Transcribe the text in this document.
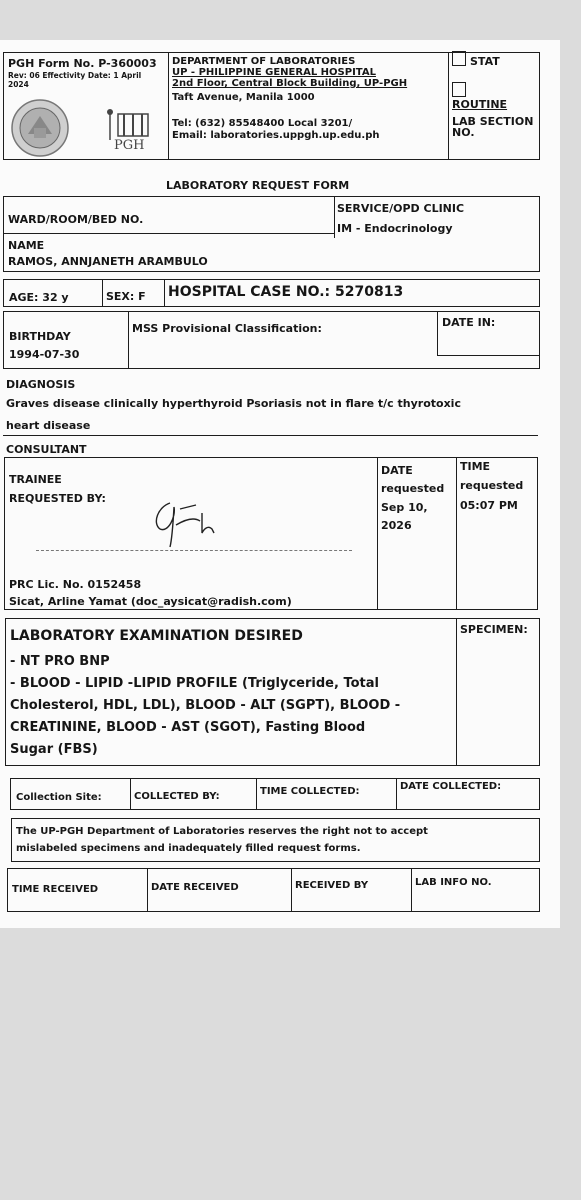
PGH Form No. P-360003
Rev: 06 Effectivity Date: 1 April
2024
PGH
DEPARTMENT OF LABORATORIES
UP - PHILIPPINE GENERAL HOSPITAL
2nd Floor, Central Block Building, UP-PGH
Taft Avenue, Manila 1000
Tel: (632) 85548400 Local 3201/
Email: laboratories.uppgh.up.edu.ph
STAT
ROUTINE
LAB SECTION NO.
LABORATORY REQUEST FORM
WARD/ROOM/BED NO.
SERVICE/OPD CLINIC
IM - Endocrinology
NAME
RAMOS, ANNJANETH ARAMBULO
AGE: 32 y	SEX: F HOSPITAL CASE NO.: 5270813
BIRTHDAY
1994-07-30
MSS Provisional Classification:	DATE IN:
DIAGNOSIS
Graves disease clinically hyperthyroid Psoriasis not in flare t/c thyrotoxic
heart disease
CONSULTANT
TRAINEE
REQUESTED BY:
PRC Lic. No. 0152458
Sicat, Arline Yamat (doc_aysicat@radish.com)
DATE
requested
Sep 10,
2026
TIME
requested
05:07 PM
LABORATORY EXAMINATION DESIRED	SPECIMEN:
- NT PRO BNP
- BLOOD - LIPID -LIPID PROFILE (Triglyceride, Total
Cholesterol, HDL, LDL), BLOOD - ALT (SGPT), BLOOD -
CREATININE, BLOOD - AST (SGOT), Fasting Blood
Sugar (FBS)
Collection Site:	COLLECTED BY:	TIME COLLECTED:	DATE COLLECTED:
The UP-PGH Department of Laboratories reserves the right not to accept
mislabeled specimens and inadequately filled request forms.
TIME RECEIVED	DATE RECEIVED	RECEIVED BY	LAB INFO NO.
